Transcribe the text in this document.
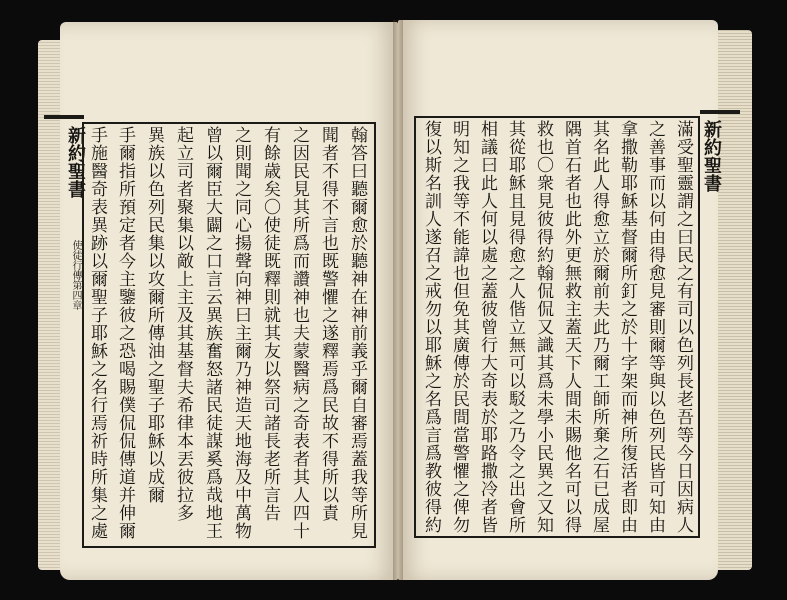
新約聖書
使徒行傳第四章
新約聖書
翰答曰聽爾愈於聽神在神前義乎爾自審焉蓋我等所見
聞者不得不言也既警懼之遂釋焉爲民故不得所以責
之因民見其所爲而讚神也夫蒙醫病之奇表者其人四十
有餘歳矣〇使徒既釋則就其友以祭司諸長老所言告
之則聞之同心揚聲向神曰主爾乃神造天地海及中萬物
曾以爾臣大闢之口言云異族奮怒諸民徒謀奚爲哉地王
起立司者聚集以敵上主及其基督夫希律本丟彼拉多
異族以色列民集以攻爾所傳油之聖子耶穌以成爾
手爾指所預定者今主鑒彼之恐喝賜僕侃侃傳道并伸爾
手施醫奇表異跡以爾聖子耶穌之名行焉祈時所集之處	滿受聖靈謂之曰民之有司以色列長老吾等今日因病人
之善事而以何由得愈見審則爾等與以色列民皆可知由
拿撒勒耶穌基督爾所釘之於十字架而神所復活者即由
其名此人得愈立於爾前夫此乃爾工師所棄之石已成屋
隅首石者也此外更無救主蓋天下人間未賜他名可以得
救也〇衆見彼得約翰侃侃又識其爲未學小民異之又知
其從耶穌且見得愈之人偕立無可以駁之乃令之出會所
相議曰此人何以處之蓋彼曾行大奇表於耶路撒冷者皆
明知之我等不能諱也但免其廣傳於民間當警懼之俾勿
復以斯名訓人遂召之戒勿以耶穌之名爲言爲教彼得約
